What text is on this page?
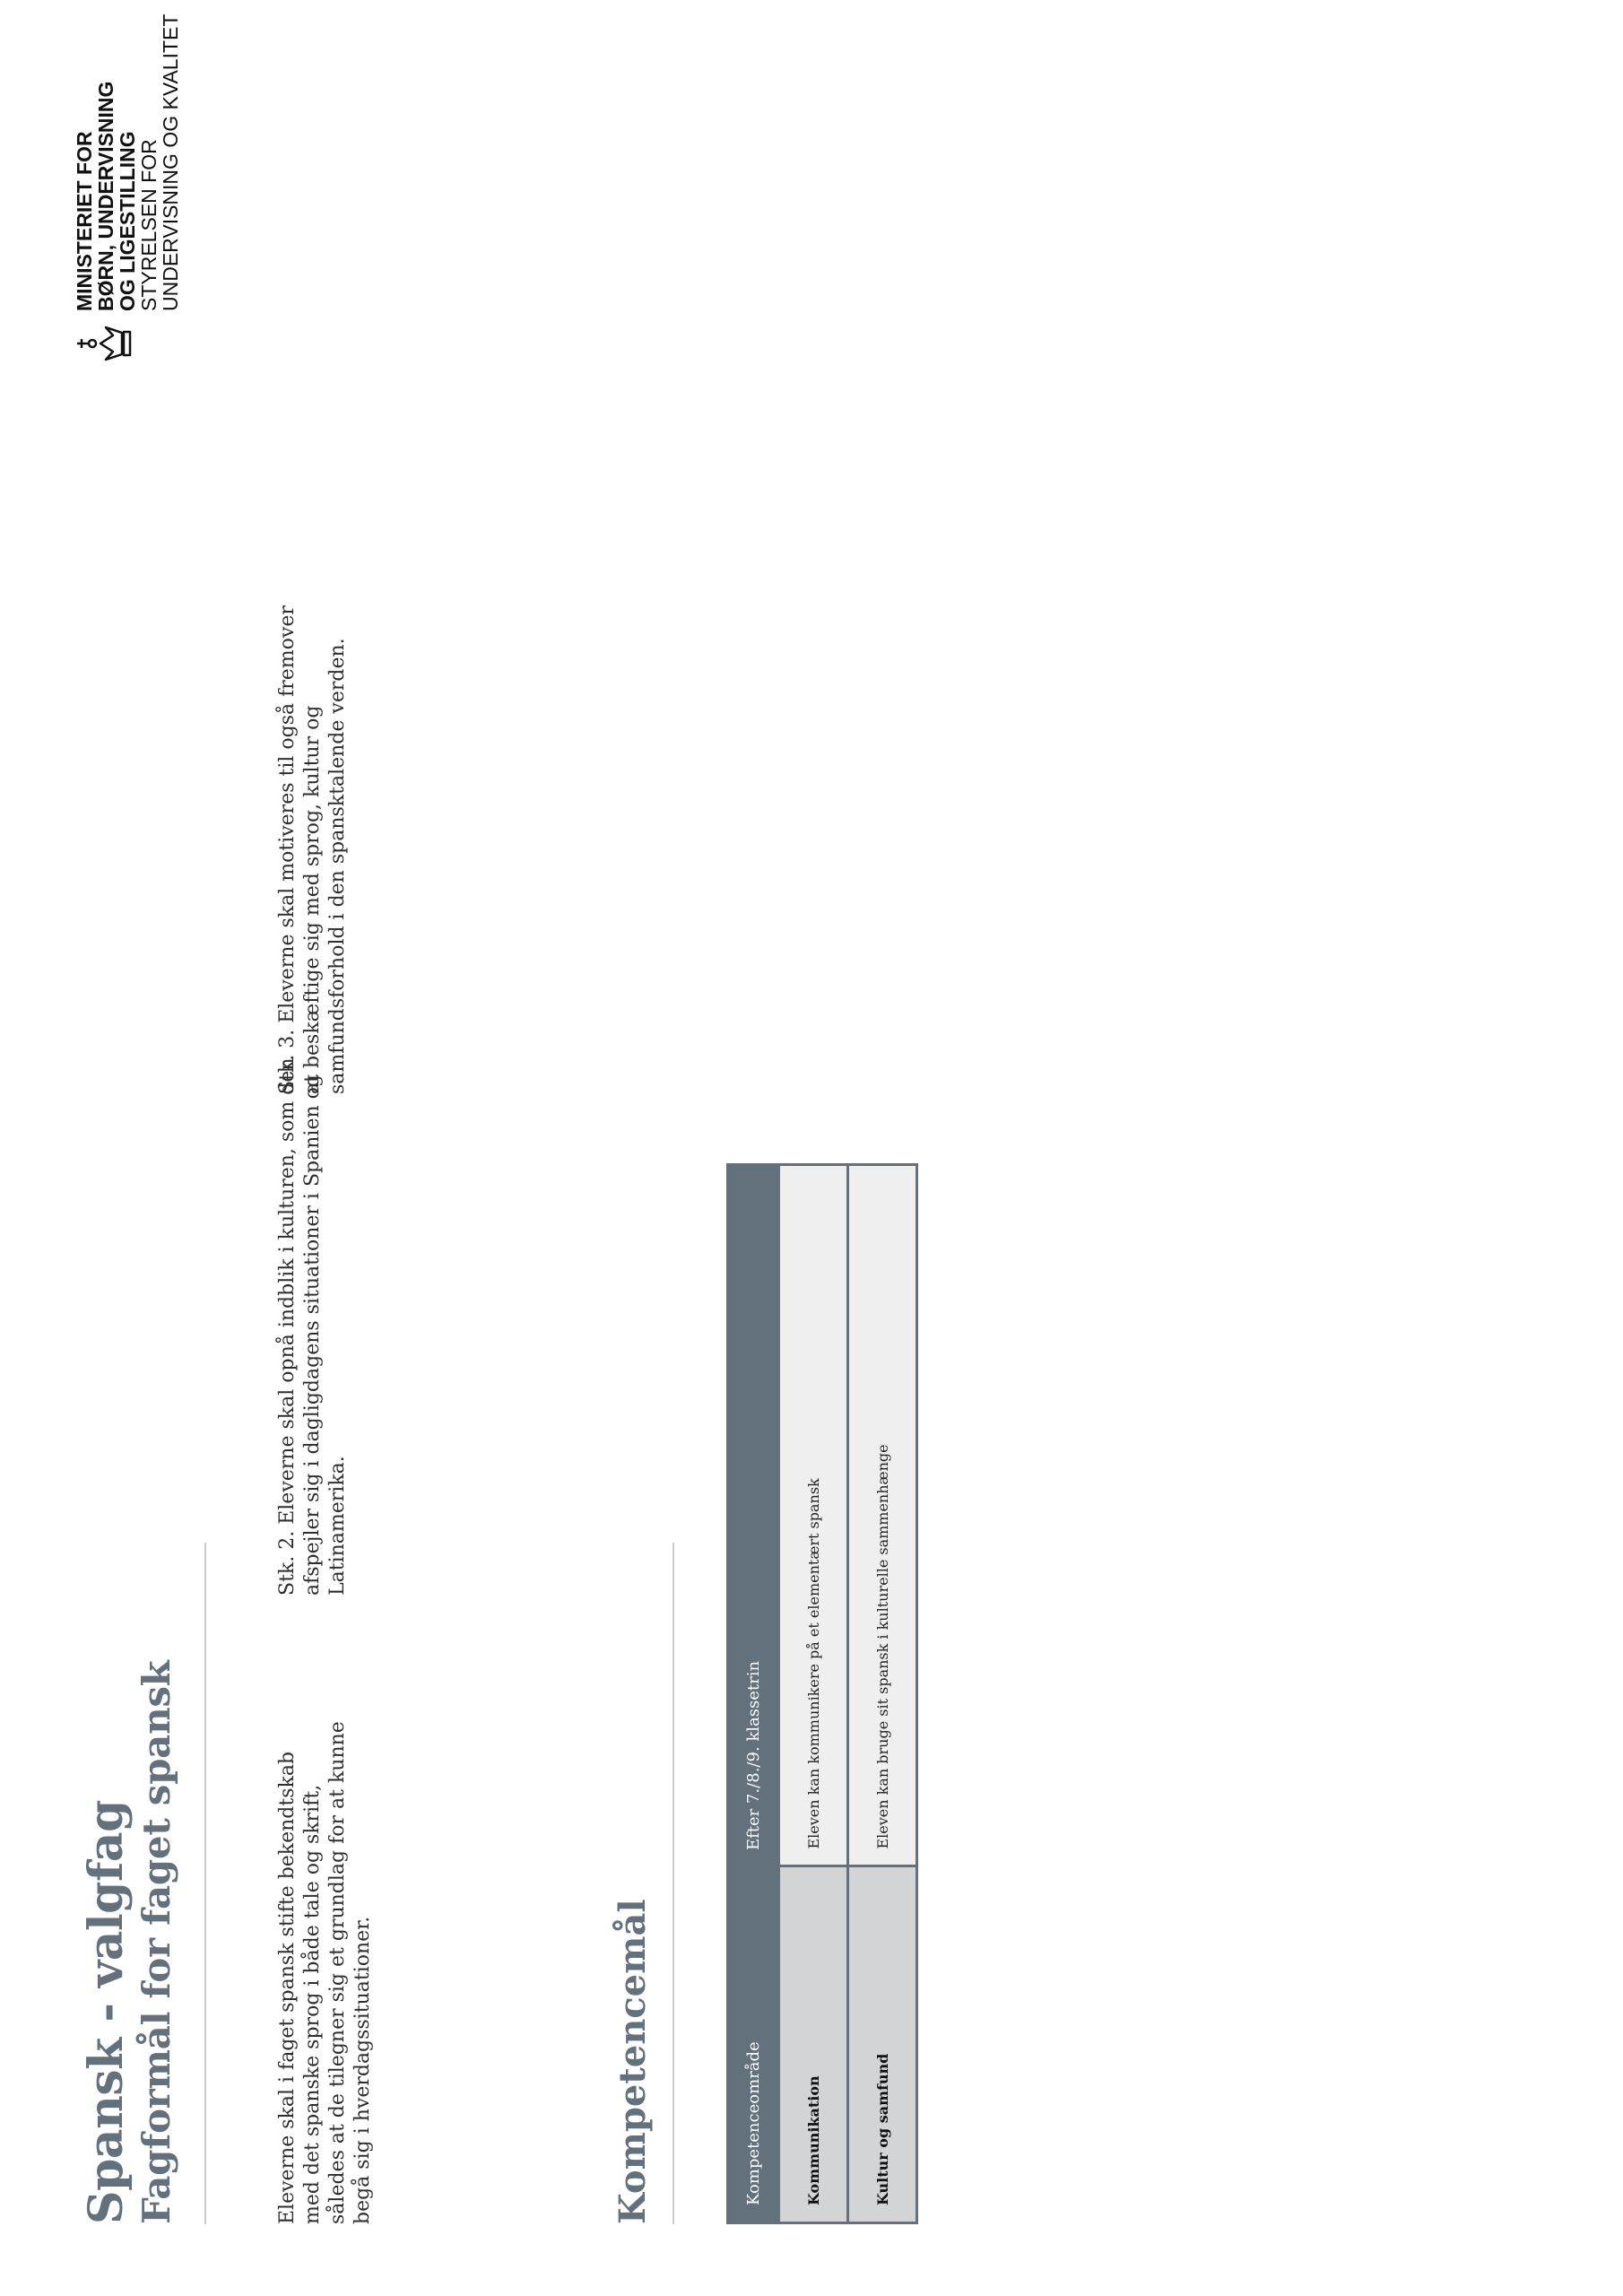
Spansk - valgfag Fagformål for faget spansk	Eleverne skal i faget spansk stifte bekendtskab med det spanske sprog i både tale og skrift, således at de tilegner sig et grundlag for at kunne begå sig i hverdagssituationer.

Stk. 2. Eleverne skal opnå indblik i kulturen, som den afspejler sig i dagligdagens situationer i Spanien og Latinamerika.

Stk. 3. Eleverne skal motiveres til også fremover at beskæftige sig med sprog, kultur og samfundsforhold i den spansktalende verden.

Kompetencemål	Kompetenceområde	Efter 7./8./9. klassetrin
Kommunikation	Eleven kan kommunikere på et elementært spansk
Kultur og samfund	Eleven kan bruge sit spansk i kulturelle sammenhænge
MINISTERIET FOR
BØRN, UNDERVISNING
OG LIGESTILLING
STYRELSEN FOR
UNDERVISNING OG KVALITET
